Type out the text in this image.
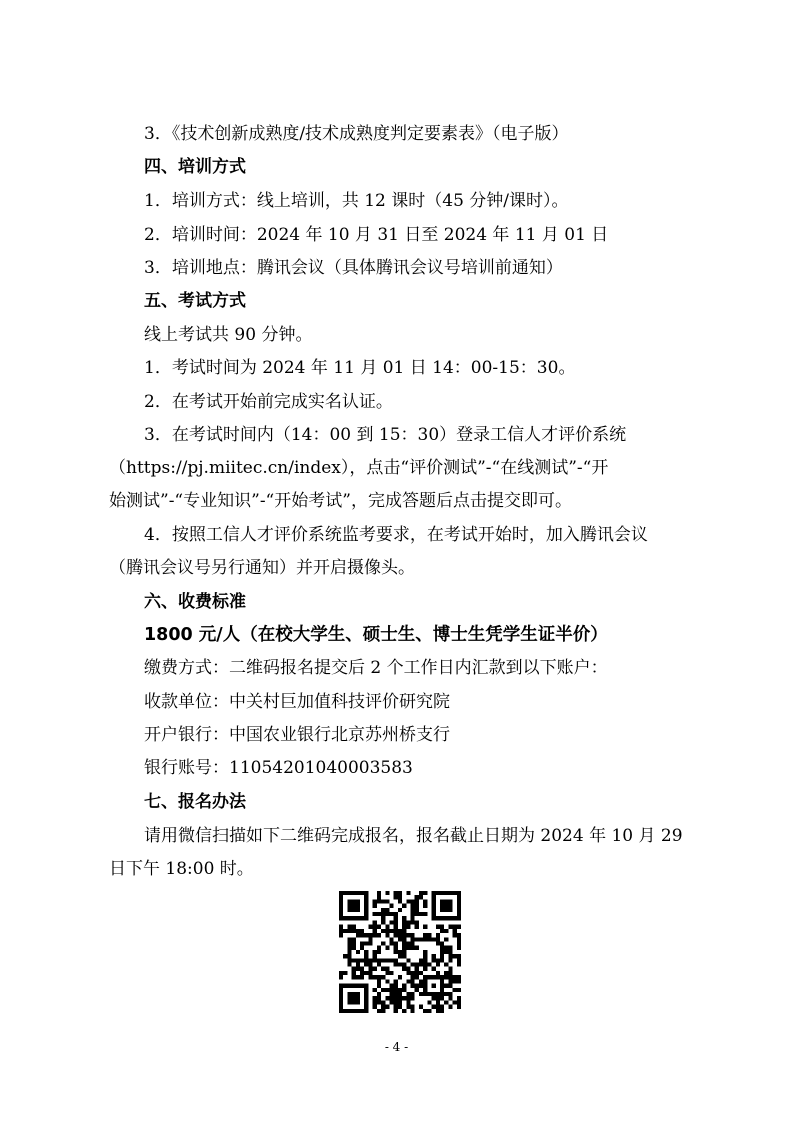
3．《技术创新成熟度/技术成熟度判定要素表》（电子版）
四、培训方式
1．培训方式：线上培训，共 12 课时（45 分钟/课时）。
2．培训时间：2024 年 10 月 31 日至 2024 年 11 月 01 日
3．培训地点：腾讯会议（具体腾讯会议号培训前通知）
五、考试方式
线上考试共 90 分钟。
1．考试时间为 2024 年 11 月 01 日 14：00-15：30。
2．在考试开始前完成实名认证。
3．在考试时间内（14：00 到 15：30）登录工信人才评价系统
（https://pj.miitec.cn/index），点击“评价测试”-“在线测试”-“开
始测试”-“专业知识”-“开始考试”，完成答题后点击提交即可。
4．按照工信人才评价系统监考要求，在考试开始时，加入腾讯会议
（腾讯会议号另行通知）并开启摄像头。
六、收费标准
1800 元/人（在校大学生、硕士生、博士生凭学生证半价）
缴费方式：二维码报名提交后 2 个工作日内汇款到以下账户：
收款单位：中关村巨加值科技评价研究院
开户银行：中国农业银行北京苏州桥支行
银行账号：11054201040003583
七、报名办法
请用微信扫描如下二维码完成报名，报名截止日期为 2024 年 10 月 29
日下午 18:00 时。
- 4 -
